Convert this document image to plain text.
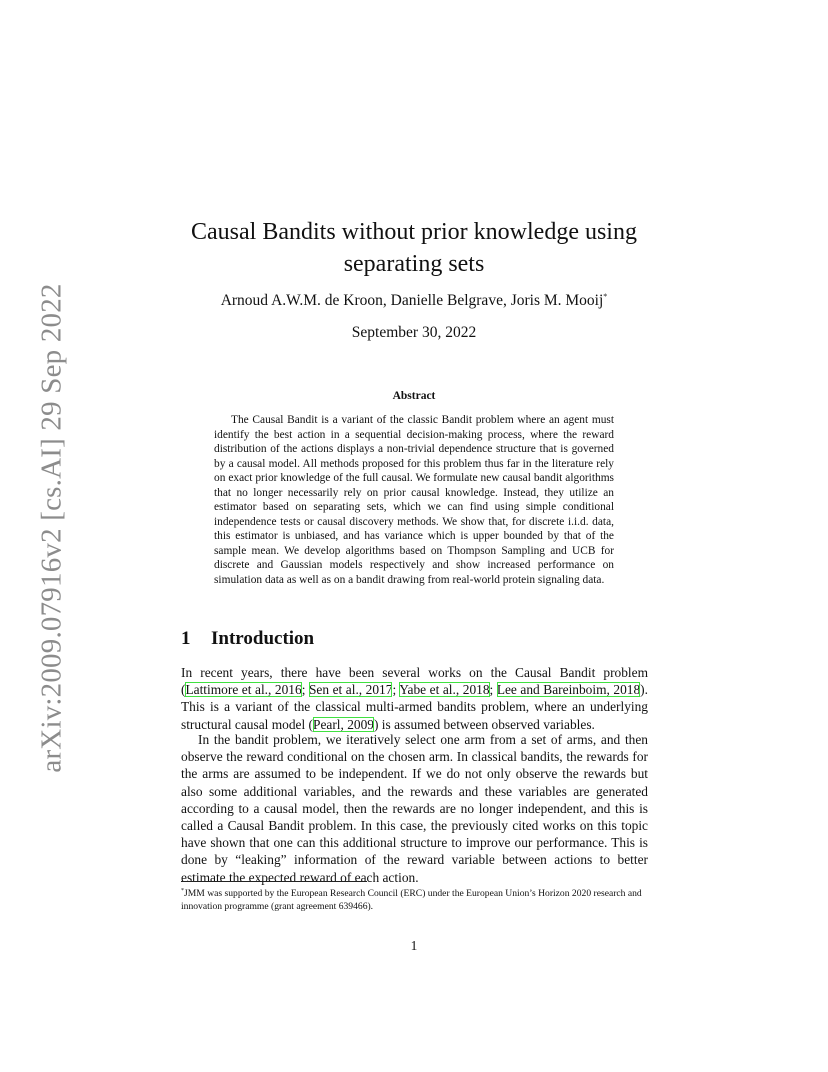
arXiv:2009.07916v2 [cs.AI] 29 Sep 2022
Causal Bandits without prior knowledge using
separating sets
Arnoud A.W.M. de Kroon, Danielle Belgrave, Joris M. Mooij*
September 30, 2022
Abstract

The Causal Bandit is a variant of the classic Bandit problem where an agent must identify the best action in a sequential decision-making process, where the reward distribution of the actions displays a non-trivial dependence structure that is governed by a causal model. All methods proposed for this problem thus far in the literature rely on exact prior knowledge of the full causal. We formulate new causal bandit algorithms that no longer necessarily rely on prior causal knowledge. Instead, they utilize an estimator based on separating sets, which we can find using simple conditional independence tests or causal discovery methods. We show that, for discrete i.i.d. data, this estimator is unbiased, and has variance which is upper bounded by that of the sample mean. We develop algorithms based on Thompson Sampling and UCB for discrete and Gaussian models respectively and show increased performance on simulation data as well as on a bandit drawing from real-world protein signaling data.

1 Introduction

In recent years, there have been several works on the Causal Bandit problem (Lattimore et al., 2016; Sen et al., 2017; Yabe et al., 2018; Lee and Bareinboim, 2018). This is a variant of the classical multi-armed bandits problem, where an underlying structural causal model (Pearl, 2009) is assumed between observed variables.

In the bandit problem, we iteratively select one arm from a set of arms, and then observe the reward conditional on the chosen arm. In classical bandits, the rewards for the arms are assumed to be independent. If we do not only observe the rewards but also some additional variables, and the rewards and these variables are generated according to a causal model, then the rewards are no longer independent, and this is called a Causal Bandit problem. In this case, the previously cited works on this topic have shown that one can this additional structure to improve our performance. This is done by “leaking” information of the reward variable between actions to better estimate the expected reward of each action.

*JMM was supported by the European Research Council (ERC) under the European Union’s Horizon 2020 research and innovation programme (grant agreement 639466).

1
